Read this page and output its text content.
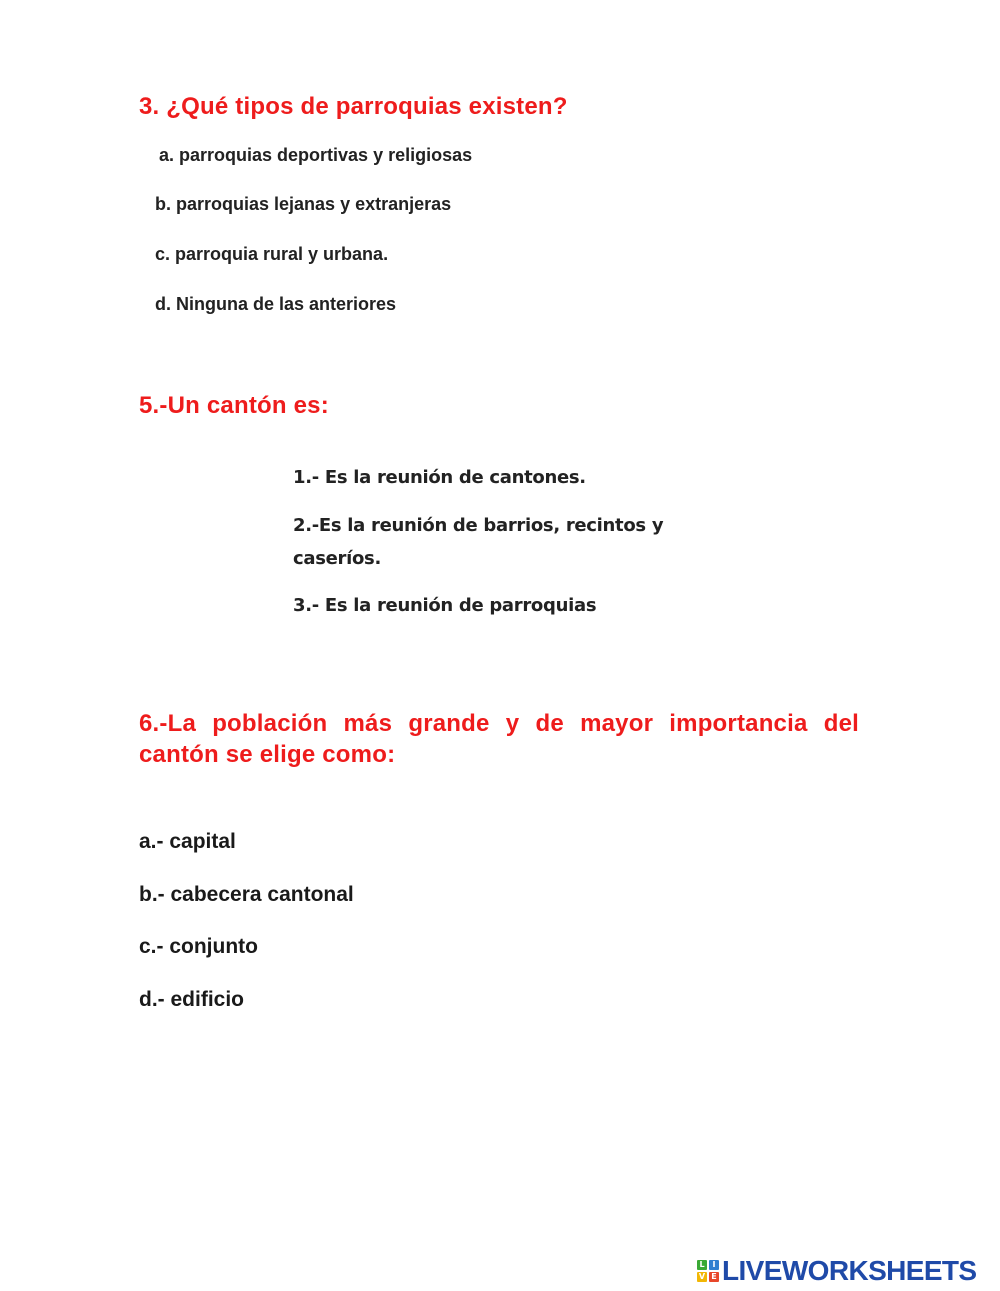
3. ¿Qué tipos de parroquias existen?
a. parroquias deportivas y religiosas
b. parroquias lejanas y extranjeras
c. parroquia rural y urbana.
d. Ninguna de las anteriores
5.-Un cantón es:
1.- Es la reunión de cantones.
2.-Es la reunión de barrios, recintos y
caseríos.
3.- Es la reunión de parroquias
6.-La población más grande y de mayor importancia del cantón se elige como:
a.- capital
b.- cabecera cantonal
c.- conjunto
d.- edificio
L I
V E LIVEWORKSHEETS
